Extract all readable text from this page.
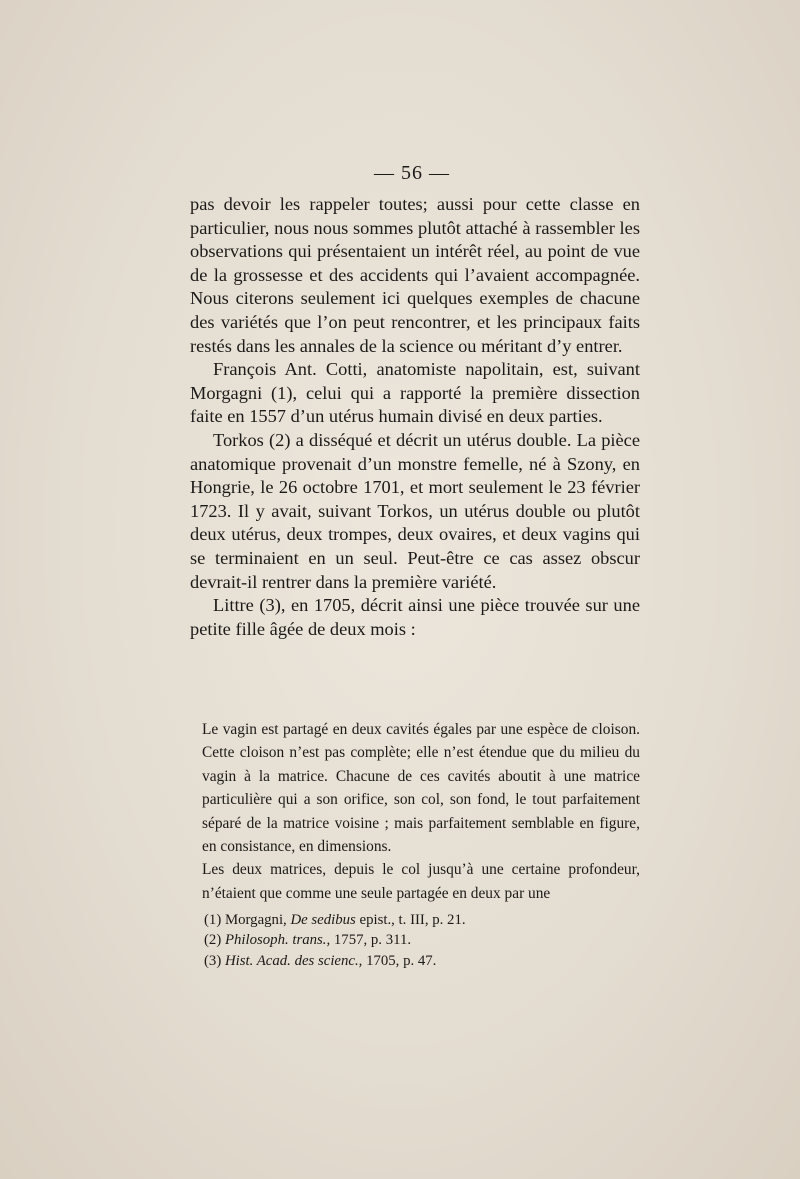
— 56 —

pas devoir les rappeler toutes; aussi pour cette classe en particulier, nous nous sommes plutôt attaché à rassembler les observations qui présentaient un intérêt réel, au point de vue de la grossesse et des accidents qui l’avaient accompagnée. Nous citerons seulement ici quelques exemples de chacune des variétés que l’on peut rencontrer, et les principaux faits restés dans les annales de la science ou méritant d’y entrer.

François Ant. Cotti, anatomiste napolitain, est, suivant Morgagni (1), celui qui a rapporté la première dissection faite en 1557 d’un utérus humain divisé en deux parties.

Torkos (2) a disséqué et décrit un utérus double. La pièce anatomique provenait d’un monstre femelle, né à Szony, en Hongrie, le 26 octobre 1701, et mort seulement le 23 février 1723. Il y avait, suivant Torkos, un utérus double ou plutôt deux utérus, deux trompes, deux ovaires, et deux vagins qui se terminaient en un seul. Peut-être ce cas assez obscur devrait-il rentrer dans la première variété.

Littre (3), en 1705, décrit ainsi une pièce trouvée sur une petite fille âgée de deux mois :

Le vagin est partagé en deux cavités égales par une espèce de cloison. Cette cloison n’est pas complète; elle n’est étendue que du milieu du vagin à la matrice. Chacune de ces cavités aboutit à une matrice particulière qui a son orifice, son col, son fond, le tout parfaitement séparé de la matrice voisine ; mais parfaitement semblable en figure, en consistance, en dimensions.

Les deux matrices, depuis le col jusqu’à une certaine profondeur, n’étaient que comme une seule partagée en deux par une

(1) Morgagni, De sedibus epist., t. III, p. 21.
(2) Philosoph. trans., 1757, p. 311.
(3) Hist. Acad. des scienc., 1705, p. 47.
